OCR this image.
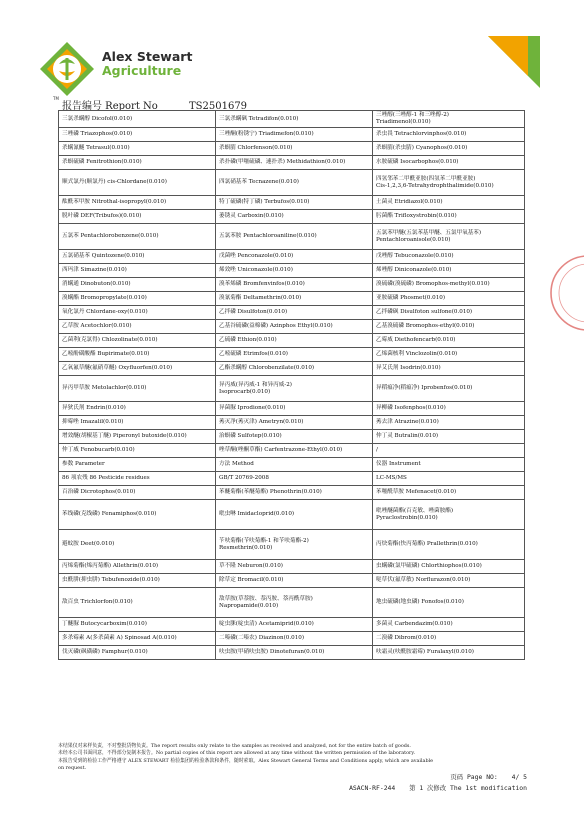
TM
Alex Stewart
Agriculture
报告编号 Report No	TS2501679
三氯杀螨醇 Dicofol(0.010)	三氯杀螨砜 Tetradifon(0.010)	三唑醇(三唑醇-1 和三唑醇-2)
Triadimenol(0.010)

三唑磷 Triazophos(0.010)	三唑酮(粉锈宁) Triadimefon(0.010)	杀虫畏 Tetrachlorvinphos(0.010)

杀螨氰醚 Tetrasul(0.010)	杀螟腈 Chlorfenson(0.010)	杀螟腈(杀虫腈) Cyanophos(0.010)

杀螟硫磷 Fenitrothion(0.010)	杀扑磷(甲噻硫磷、速扑杀) Methidathion(0.010)	水胺硫磷 Isocarbophos(0.010)

顺式氯丹(顺氯丹) cis-Chlordane(0.010)	四氯硝基苯 Tecnazene(0.010)	四氢邻苯二甲酰亚胺(四氢苯二甲酰亚胺)
Cis-1,2,3,6-Tetrahydrophthalimide(0.010)

酞酰苯甲胺 Nitrothal-isopropyl(0.010)	特丁硫磷(特丁磷) Terbufos(0.010)	土菌灵 Etridiazol(0.010)

脱叶磷 DEF(Tribufos)(0.010)	萎锈灵 Carboxin(0.010)	肟菌酯 Trifloxystrobin(0.010)

五氯苯 Pentachlorobenzene(0.010)	五氯苯胺 Pentachloroaniline(0.010)	五氯苯甲醚(五氯苯基甲醚、五氯甲氧基苯)
Pentachloroanisole(0.010)

五氯硝基苯 Quintozene(0.010)	戊菌唑 Penconazole(0.010)	戊唑醇 Tebuconazole(0.010)

西玛津 Simazine(0.010)	烯效唑 Uniconazole(0.010)	烯唑醇 Diniconazole(0.010)

消螨通 Dinobuton(0.010)	溴苯烯磷 Bromfenvinfos(0.010)	溴硫磷(溴硫磷) Bromophos-methyl(0.010)

溴螨酯 Bromopropylate(0.010)	溴氰菊酯 Deltamethrin(0.010)	亚胺硫磷 Phosmet(0.010)

氧化氯丹 Chlordane-oxy(0.010)	乙拌磷 Disulfoton(0.010)	乙拌磷砜 Disulfoton sulfone(0.010)

乙草胺 Acetochlor(0.010)	乙基谷硫磷(益棉磷) Azinphos Ethyl(0.010)	乙基溴硫磷 Bromophos-ethyl(0.010)

乙菌利(克氯得) Chlozolinate(0.010)	乙硫磷 Ethion(0.010)	乙霉威 Diethofencarb(0.010)

乙嘧酚磺酸酯 Bupirimate(0.010)	乙嘧硫磷 Etrimfos(0.010)	乙烯菌核利 Vinclozolin(0.010)

乙氧氟草醚(氟硝草醚) Oxyfluorfen(0.010)	乙酯杀螨醇 Chlorobenzilate(0.010)	异艾氏剂 Isodrin(0.010)

异丙甲草胺 Metolachlor(0.010)	异丙威(异丙威-1 和异丙威-2)
Isoprocarb(0.010)	异稻瘟净(稻瘟净) Iprobenfos(0.010)

异狄氏剂 Endrin(0.010)	异菌脲 Iprodione(0.010)	异柳磷 Isofenphos(0.010)

抑霉唑 Imazalil(0.010)	莠灭净(莠灭津) Ametryn(0.010)	莠去津 Atrazine(0.010)

增效醚(胡椒基丁醚) Piperonyl butoxide(0.010)	治螟磷 Sulfotep(0.010)	仲丁灵 Butralin(0.010)

仲丁威 Fenobucarb(0.010)	唑草酮(唑酮草酯) Carfentrazone-Ethyl(0.010)	/

参数 Parameter	方法 Method	仪器 Instrument

86 项农残 86 Pesticide residues	GB/T 20769-2008	LC-MS/MS

百治磷 Dicrotophos(0.010)	苯醚菊酯(苯醚菊酯) Phenothrin(0.010)	苯噻酰草胺 Mefenacet(0.010)

苯线磷(克线磷) Fenamiphos(0.010)	吡虫啉 Imidacloprid(0.010)	吡唑醚菌酯(百克敏、唑菌胺酯)
Pyraclostrobin(0.010)

避蚊胺 Deet(0.010)	苄呋菊酯(苄呋菊酯-1 和苄呋菊酯-2)
Resmethrin(0.010)	丙炔菊酯(快丙菊酯) Prallethrin(0.010)

丙烯菊酯(烯丙菊酯) Allethrin(0.010)	草不隆 Neburon(0.010)	虫螨磷(氯甲硫磷) Chlorthiophos(0.010)

虫酰肼(抑虫肼) Tebufenozide(0.010)	除草定 Bromacil(0.010)	哒草伏(氟草敏) Norflurazon(0.010)

敌百虫 Trichlorfon(0.010)	敌草胺(草萘胺、萘丙胺、萘丙酰草胺)
Napropamide(0.010)	地虫硫磷(地虫磷) Fonofos(0.010)

丁醚脲 Butocycarboxim(0.010)	啶虫脒(啶虫清) Acetamiprid(0.010)	多菌灵 Carbendazim(0.010)

多杀霉素 A(多杀菌素 A) Spinosad A(0.010)	二嗪磷(二嗪农) Diazinon(0.010)	二溴磷 Dibrom(0.010)

伐灭磷(砜磺磷) Famphur(0.010)	呋虫胺(甲硝呋虫胺) Dinotefuran(0.010)	呋霜灵(呋酰胺霜霉) Furalaxyl(0.010)
本结果仅对来样负责，不对整批货物负责。The report results only relate to the samples as received and analyzed, not for the entire batch of goods.
未经本公司书面同意，不得部分复制本报告。No partial copies of this report are allowed at any time without the written permission of the laboratory.
本报告受到的检验工作严格遵守 ALEX STEWART 检验集团的检验条款和条件，随时索取。Alex Stewart General Terms and Conditions apply, which are available
on request.
页码 Page NO: 4/ 5
ASACN-RF-244 第 1 次修改 The 1st modification
